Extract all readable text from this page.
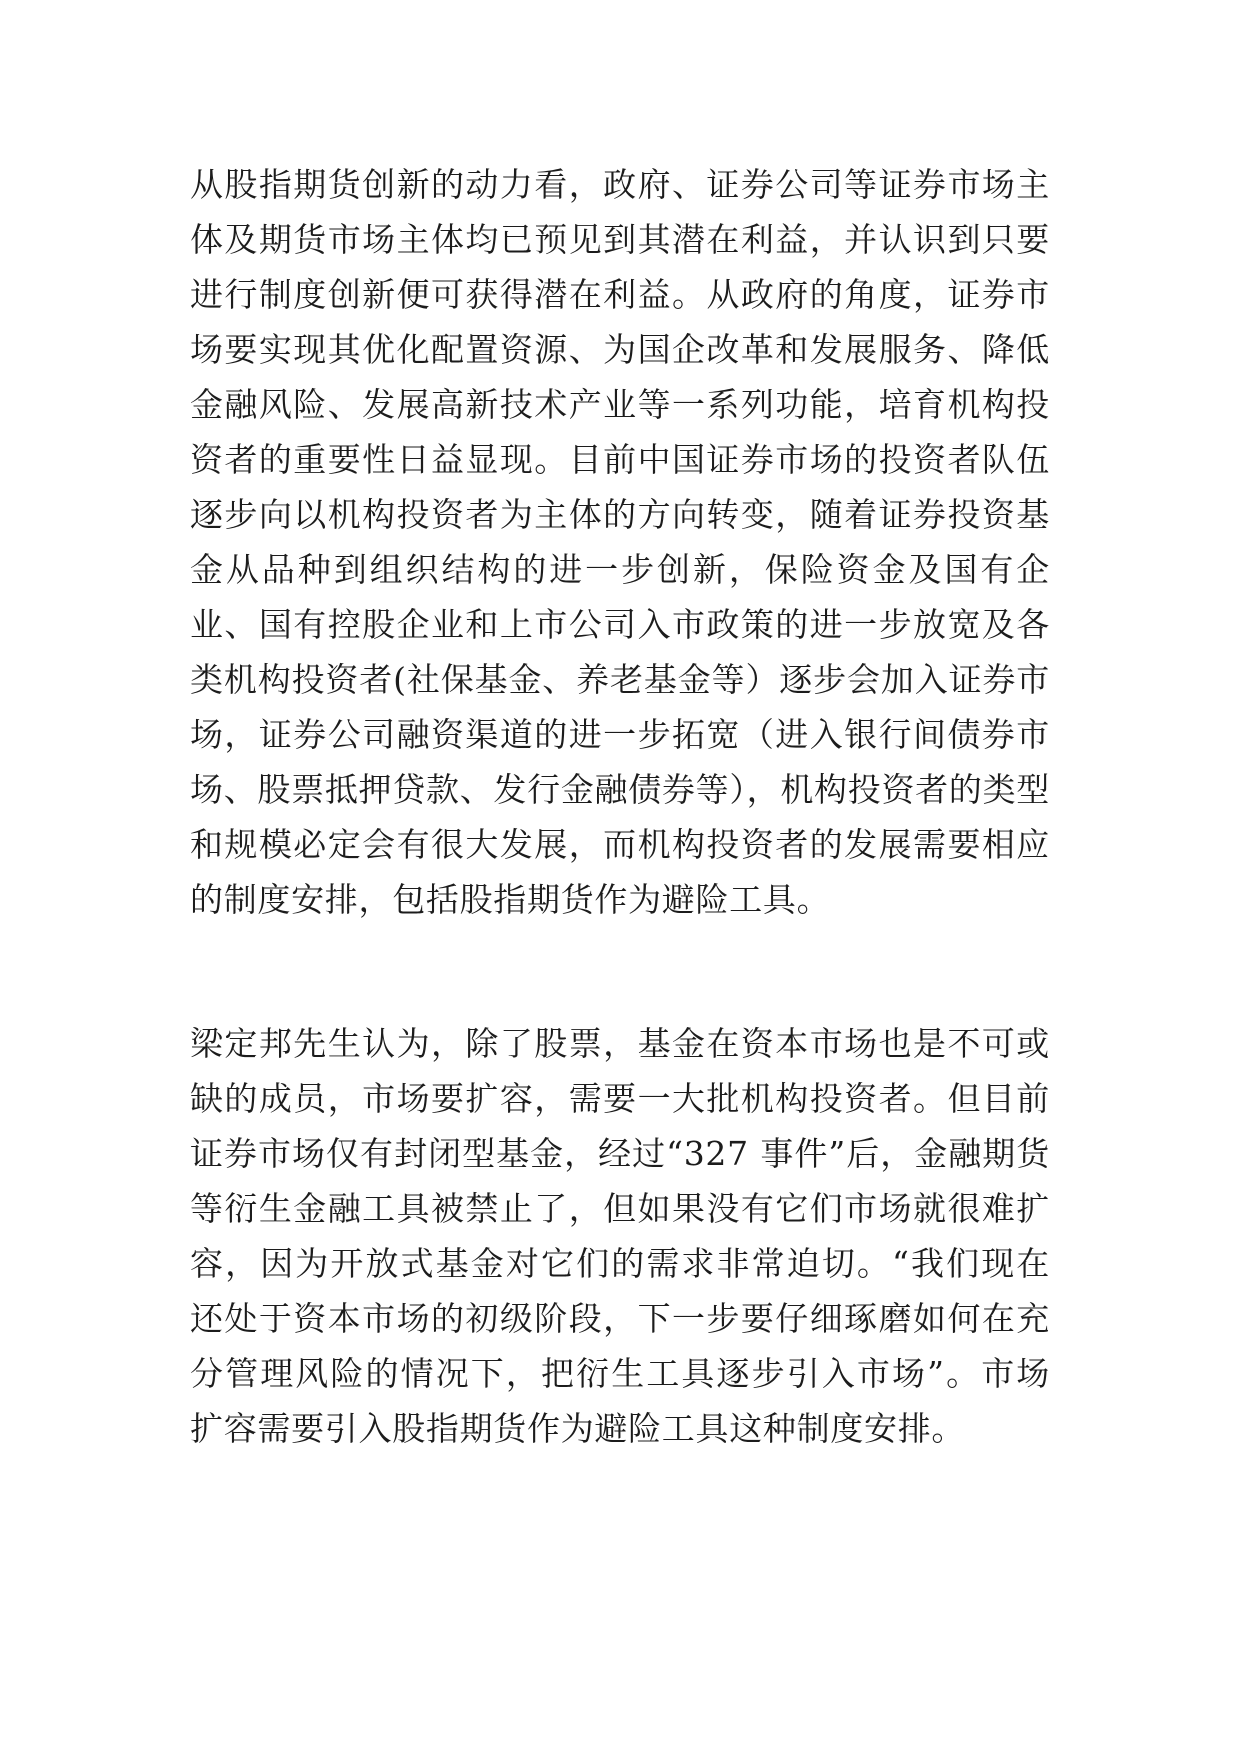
从股指期货创新的动力看，政府、证券公司等证券市场主体及期货市场主体均已预见到其潜在利益，并认识到只要进行制度创新便可获得潜在利益。从政府的角度，证券市场要实现其优化配置资源、为国企改革和发展服务、降低金融风险、发展高新技术产业等一系列功能，培育机构投资者的重要性日益显现。目前中国证券市场的投资者队伍逐步向以机构投资者为主体的方向转变，随着证券投资基金从品种到组织结构的进一步创新，保险资金及国有企业、国有控股企业和上市公司入市政策的进一步放宽及各类机构投资者(社保基金、养老基金等）逐步会加入证券市场，证券公司融资渠道的进一步拓宽（进入银行间债券市场、股票抵押贷款、发行金融债券等），机构投资者的类型和规模必定会有很大发展，而机构投资者的发展需要相应的制度安排，包括股指期货作为避险工具。

梁定邦先生认为，除了股票，基金在资本市场也是不可或缺的成员，市场要扩容，需要一大批机构投资者。但目前证券市场仅有封闭型基金，经过“327 事件”后，金融期货等衍生金融工具被禁止了，但如果没有它们市场就很难扩容，因为开放式基金对它们的需求非常迫切。“我们现在还处于资本市场的初级阶段，下一步要仔细琢磨如何在充分管理风险的情况下，把衍生工具逐步引入市场”。市场扩容需要引入股指期货作为避险工具这种制度安排。
